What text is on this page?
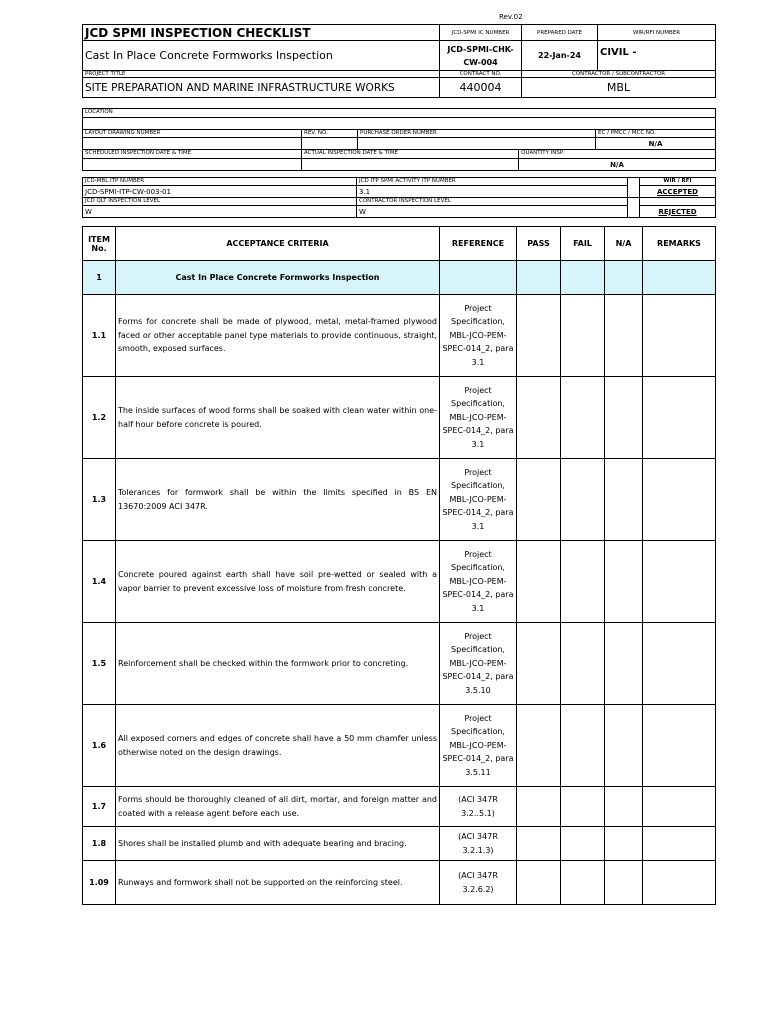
Rev.02
JCD SPMI INSPECTION CHECKLIST	JCD-SPMI IC NUMBER	PREPARED DATE	WIR/RFI NUMBER
Cast In Place Concrete Formworks Inspection	JCD-SPMI-CHK-CW-004	22-Jan-24	CIVIL -
PROJECT TITLE	CONTRACT NO.	CONTRACTOR / SUBCONTRACTOR	
SITE PREPARATION AND MARINE INFRASTRUCTURE WORKS	440004	MBL	
LOCATION				

LAYOUT DRAWING NUMBER	REV. NO.	PURCHASE ORDER NUMBER		EC / PMCC / MCC NO.
				N/A
SCHEDULED INSPECTION DATE & TIME	ACTUAL INSPECTION DATE & TIME		QUANTITY INSP.	
			N/A	
JCD-MBL ITP NUMBER	JCD ITP SPMI ACTIVITY ITP NUMBER		WIR / RFI
JCD-SPMI-ITP-CW-003-01	3.1		ACCEPTED
JCD QLT INSPECTION LEVEL	CONTRACTOR INSPECTION LEVEL		
W	W		REJECTED
ITEM No.	ACCEPTANCE CRITERIA	REFERENCE	PASS	FAIL	N/A	REMARKS
1	Cast In Place Concrete Formworks Inspection					
1.1	Forms for concrete shall be made of plywood, metal, metal-framed plywood faced or other acceptable panel type materials to provide continuous, straight, smooth, exposed surfaces.	Project Specification, MBL-JCO-PEM-SPEC-014_2, para 3.1				
1.2	The inside surfaces of wood forms shall be soaked with clean water within one-half hour before concrete is poured.	Project Specification, MBL-JCO-PEM-SPEC-014_2, para 3.1				
1.3	Tolerances for formwork shall be within the limits specified in BS EN 13670:2009 ACI 347R.	Project Specification, MBL-JCO-PEM-SPEC-014_2, para 3.1				
1.4	Concrete poured against earth shall have soil pre-wetted or sealed with a vapor barrier to prevent excessive loss of moisture from fresh concrete.	Project Specification, MBL-JCO-PEM-SPEC-014_2, para 3.1				
1.5	Reinforcement shall be checked within the formwork prior to concreting.	Project Specification, MBL-JCO-PEM-SPEC-014_2, para 3.5.10				
1.6	All exposed corners and edges of concrete shall have a 50 mm chamfer unless otherwise noted on the design drawings.	Project Specification, MBL-JCO-PEM-SPEC-014_2, para 3.5.11				
1.7	Forms should be thoroughly cleaned of all dirt, mortar, and foreign matter and coated with a release agent before each use.	(ACI 347R 3.2..5.1)				
1.8	Shores shall be installed plumb and with adequate bearing and bracing.	(ACI 347R 3.2.1.3)				
1.09	Runways and formwork shall not be supported on the reinforcing steel.	(ACI 347R 3.2.6.2)				
